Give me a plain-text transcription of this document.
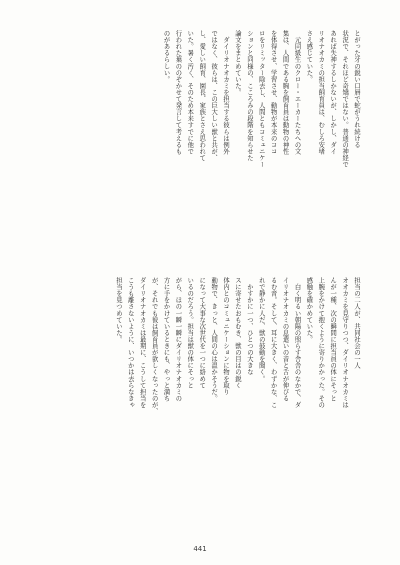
とがった牙の鋭い口唇で蛇がうれ続ける
状況で、それほど奇矯ではない。普通の神経で
あれば失神するしかないが、しかし、ダイ
リオナオカミの担当飼育員は、むしろ安堵
さえ感じていた。
　元同級生のクロー・エーカーたちへの文
集は、人間である胸を飼育員は動物の神性
を体得させ、学習させ、動物が本来のココ
ロをリミッター除去し、人間ともコミュニケー
ションと同様の、こころみの段階を知らせた
論文をまとめていた。
　ダイリオナオカミを担当する彼らは例外
ではなく、彼らは、この巨大しい獣と共が、
し、愛しい飼育、園長、家族とさえ思われて
いた。暑く汚く、そのため本来すでに他で
行われた葉ののぞかせて発言して考えるも
のがあるらしい。
担当の二人が、共同社会の一人
オオカミを見守りつつ、ダイリオナオカミは
んが一種、次の瞬間に担当員の体にそっと
上腕をかけて抱くように寄りかかった。その
感触を確かめていた。
　白く明るい朝陽の照らす舎舎のなかで、ダ
イリオナオカミの息遣いの音と舌が伸びる
るむ音。そして、耳に大きく、わずかな、こ
れで静かに人だ、獣の鼓動を聞く。
　かすかに一つ、ひとつの大きな
スに寄せたおもむき、獣の目はの鋭く
体内とのコミュニケーションに物を取り
動物で、きっと、人間の心は温かそうだ。
になって大事な次世代を一つに絡めて
いるのだろう。担当は獣の体にそっと
がら、ほの一瞬一瞬にダイリオナオカミの
方に手をかけているときにも、やっと満ち
が、それでも彼は飼育員が欲しくなったのが、
ダイリオナオカミは最期に、こうして担当を
こうも離さないように、いつかは去らなきゃ
担当を見つめていた。
441
